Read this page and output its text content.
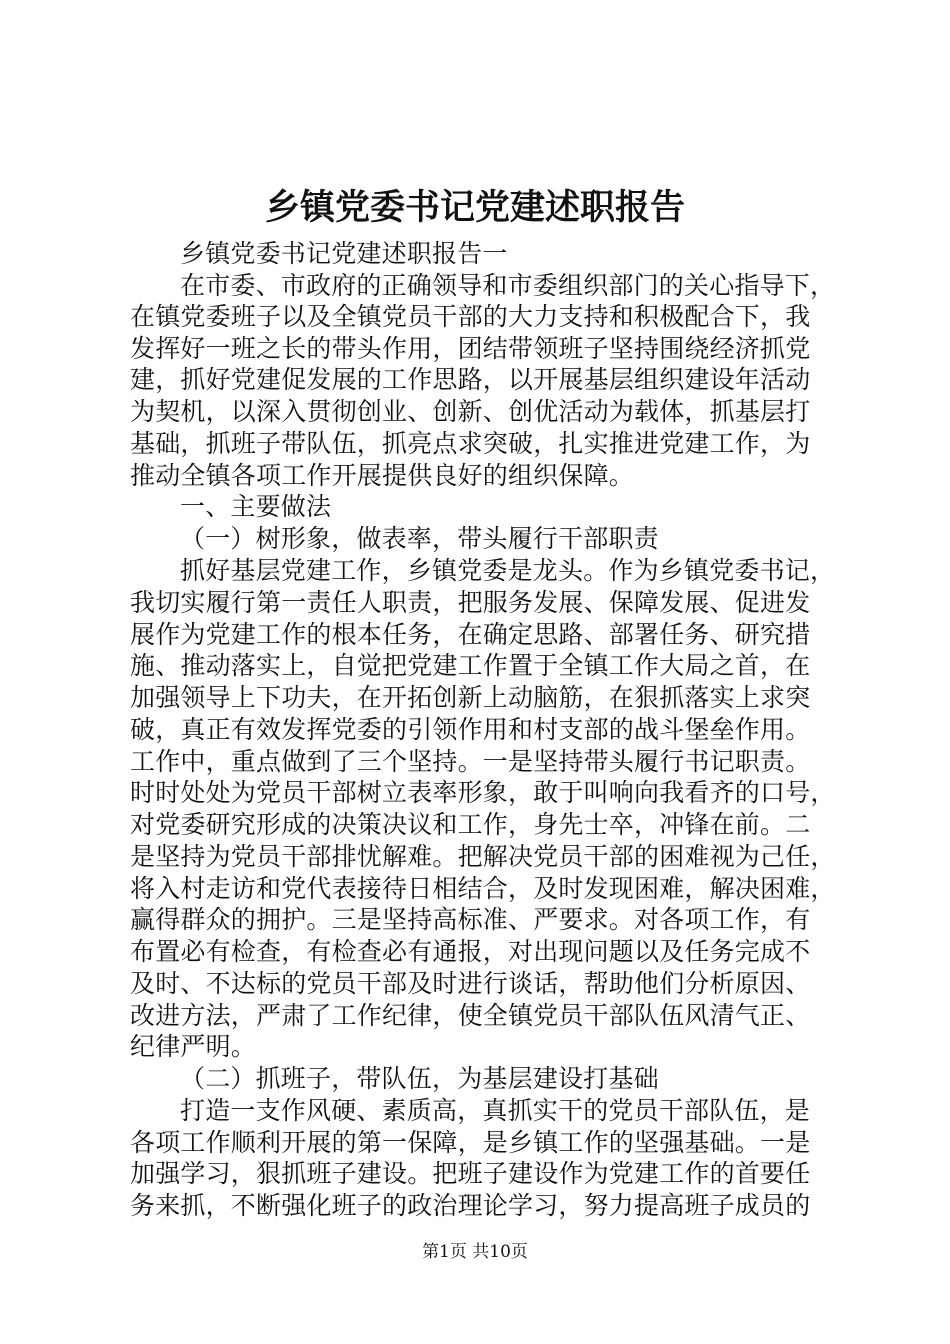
乡镇党委书记党建述职报告
乡镇党委书记党建述职报告一
在市委、市政府的正确领导和市委组织部门的关心指导下，
在镇党委班子以及全镇党员干部的大力支持和积极配合下，我
发挥好一班之长的带头作用，团结带领班子坚持围绕经济抓党
建，抓好党建促发展的工作思路，以开展基层组织建设年活动
为契机，以深入贯彻创业、创新、创优活动为载体，抓基层打
基础，抓班子带队伍，抓亮点求突破，扎实推进党建工作，为
推动全镇各项工作开展提供良好的组织保障。
一、主要做法
（一）树形象，做表率，带头履行干部职责
抓好基层党建工作，乡镇党委是龙头。作为乡镇党委书记，
我切实履行第一责任人职责，把服务发展、保障发展、促进发
展作为党建工作的根本任务，在确定思路、部署任务、研究措
施、推动落实上，自觉把党建工作置于全镇工作大局之首，在
加强领导上下功夫，在开拓创新上动脑筋，在狠抓落实上求突
破，真正有效发挥党委的引领作用和村支部的战斗堡垒作用。
工作中，重点做到了三个坚持。一是坚持带头履行书记职责。
时时处处为党员干部树立表率形象，敢于叫响向我看齐的口号，
对党委研究形成的决策决议和工作，身先士卒，冲锋在前。二
是坚持为党员干部排忧解难。把解决党员干部的困难视为己任，
将入村走访和党代表接待日相结合，及时发现困难，解决困难，
赢得群众的拥护。三是坚持高标准、严要求。对各项工作，有
布置必有检查，有检查必有通报，对出现问题以及任务完成不
及时、不达标的党员干部及时进行谈话，帮助他们分析原因、
改进方法，严肃了工作纪律，使全镇党员干部队伍风清气正、
纪律严明。
（二）抓班子，带队伍，为基层建设打基础
打造一支作风硬、素质高，真抓实干的党员干部队伍，是
各项工作顺利开展的第一保障，是乡镇工作的坚强基础。一是
加强学习，狠抓班子建设。把班子建设作为党建工作的首要任
务来抓，不断强化班子的政治理论学习，努力提高班子成员的
第1页 共10页
